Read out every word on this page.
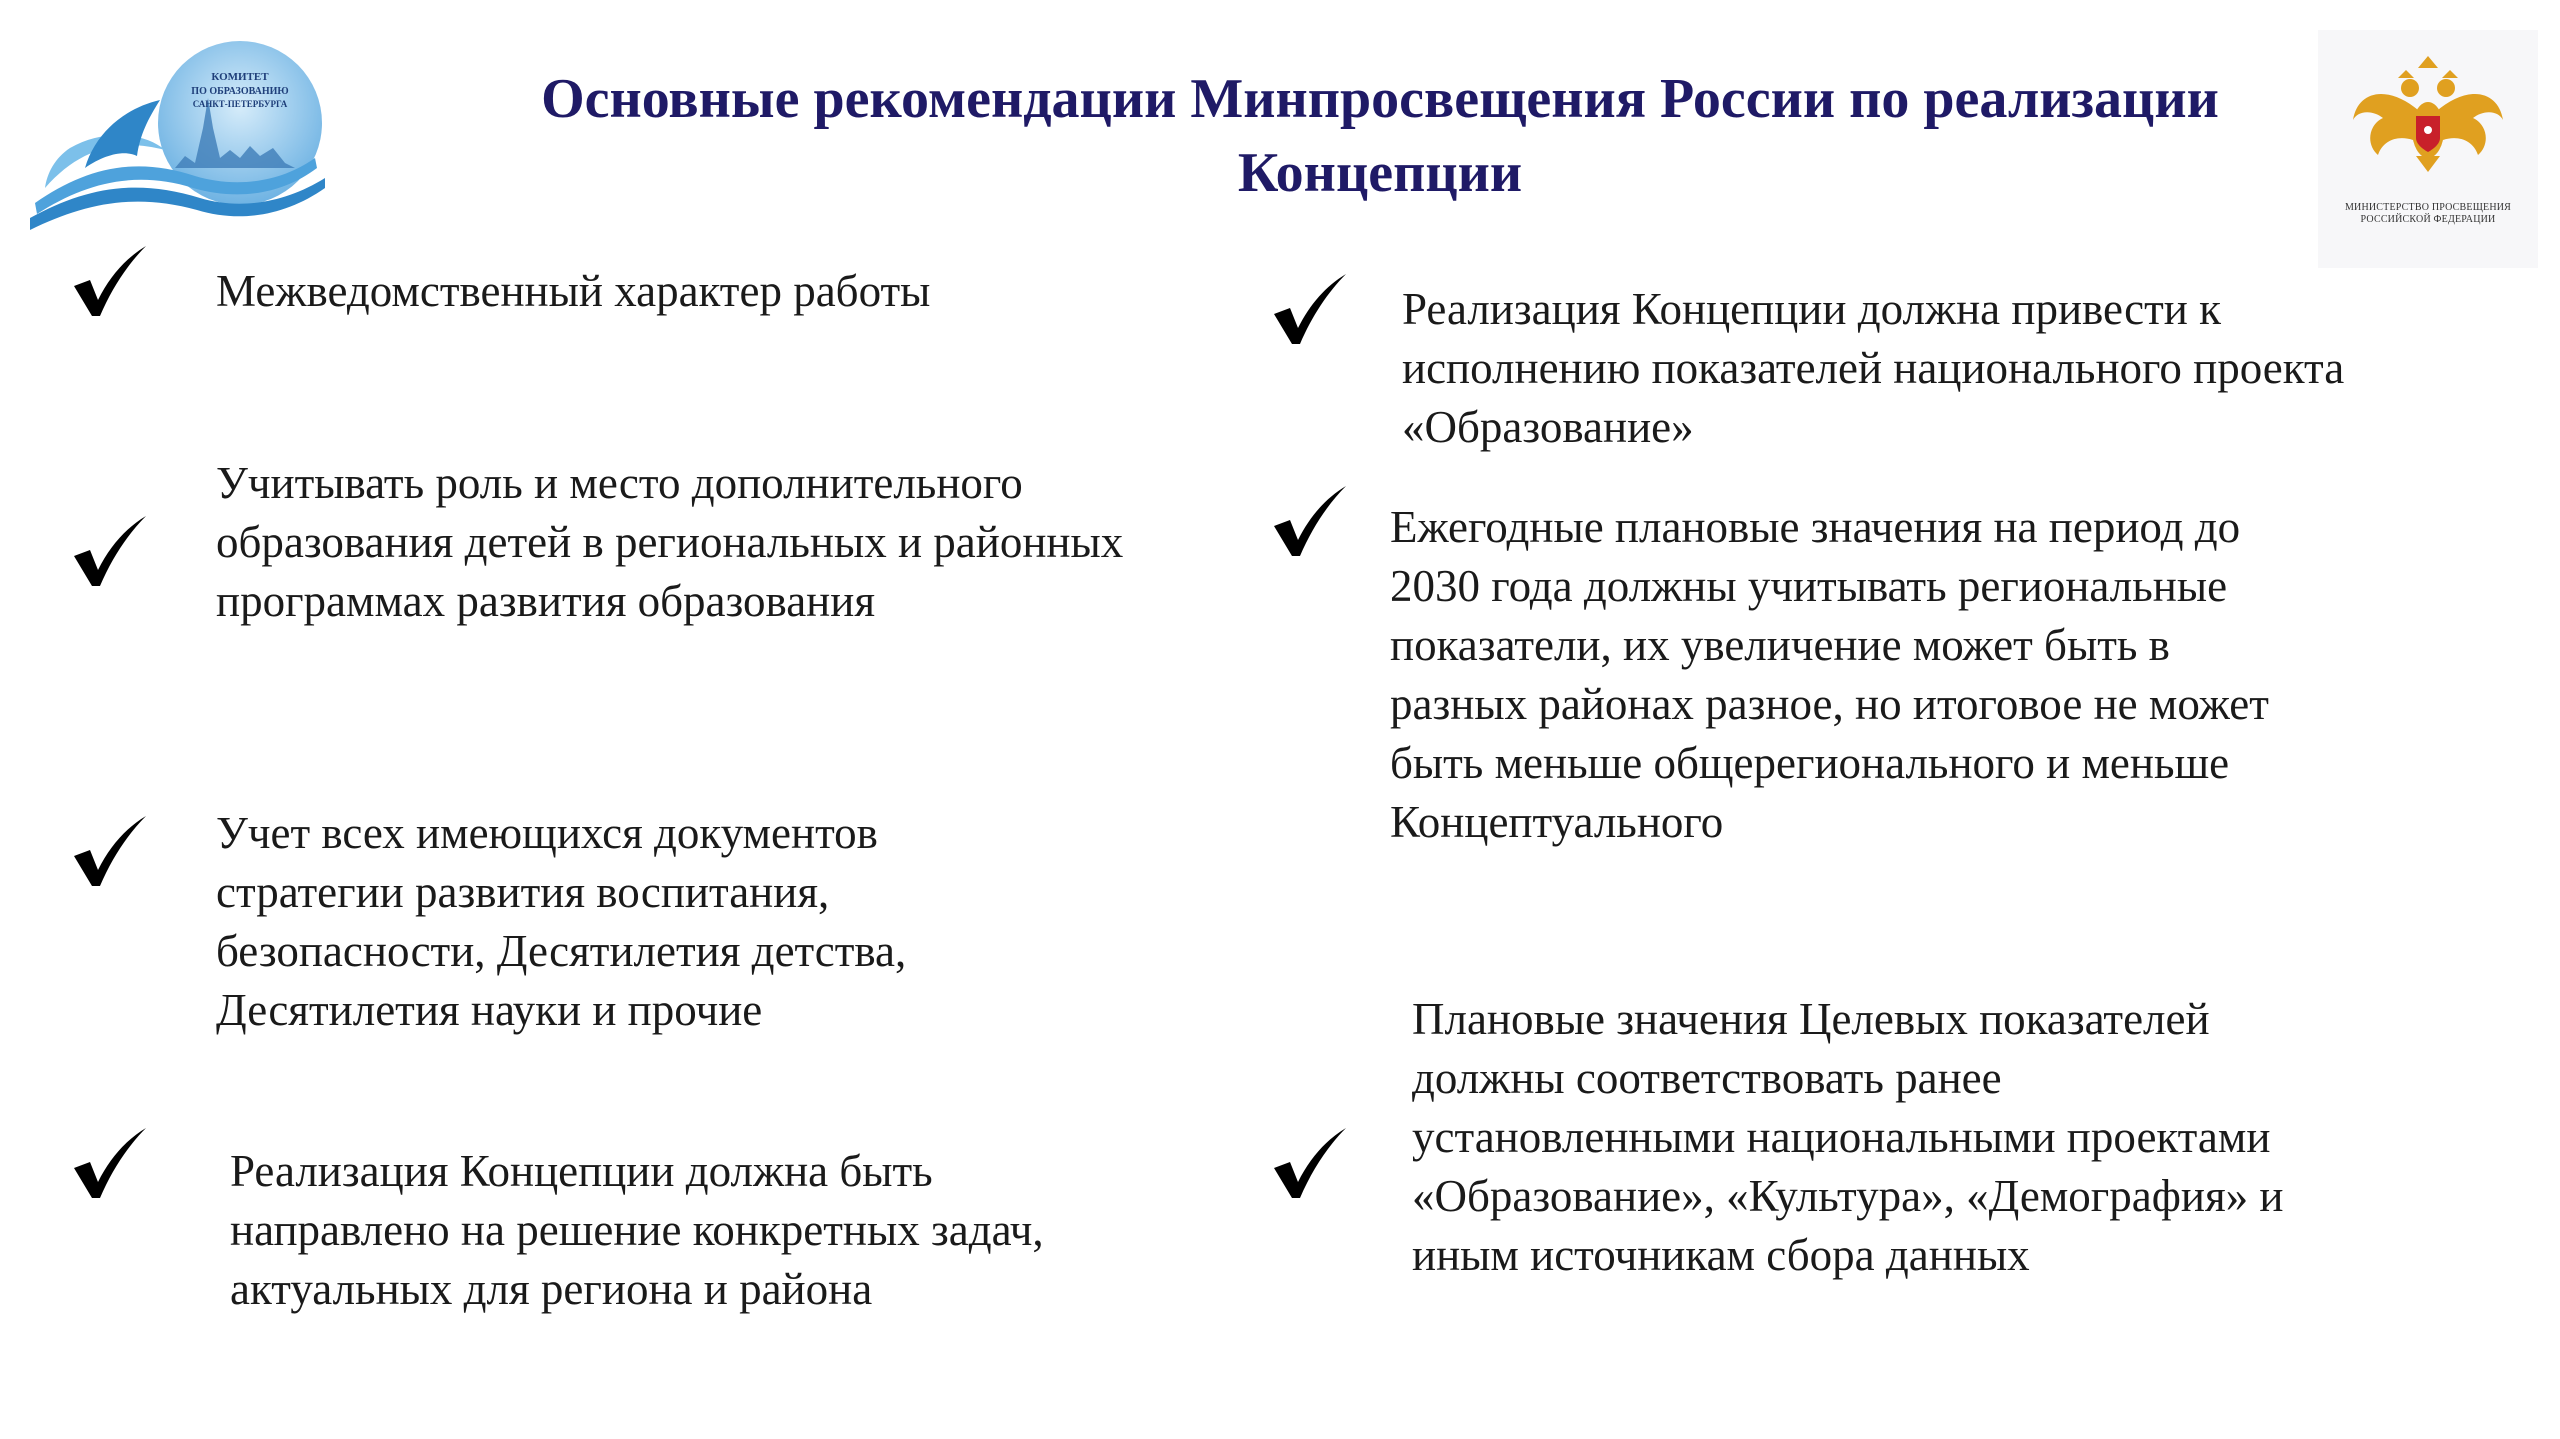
КОМИТЕТ
ПО ОБРАЗОВАНИЮ
САНКТ-ПЕТЕРБУРГА
МИНИСТЕРСТВО ПРОСВЕЩЕНИЯ РОССИЙСКОЙ ФЕДЕРАЦИИ
Основные рекомендации Минпросвещения России по реализации Концепции
Межведомственный характер работы
Учитывать роль и место дополнительного образования детей в региональных и районных программах развития образования
Учет всех имеющихся документов стратегии развития воспитания, безопасности, Десятилетия детства, Десятилетия науки и прочие
Реализация Концепции должна быть направлено на решение конкретных задач, актуальных для региона и района
Реализация Концепции должна привести к исполнению показателей национального проекта «Образование»
Ежегодные плановые значения на период до 2030 года должны учитывать региональные показатели, их увеличение может быть в разных районах разное, но итоговое не может быть меньше общерегионального и меньше Концептуального
Плановые значения Целевых показателей должны соответствовать ранее установленными национальными проектами «Образование», «Культура», «Демография» и иным источникам сбора данных
